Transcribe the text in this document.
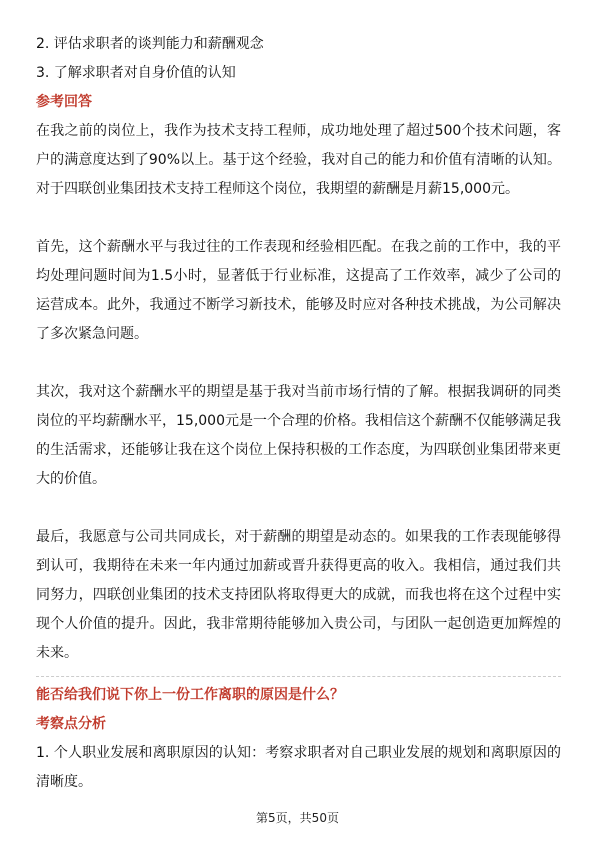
2. 评估求职者的谈判能力和薪酬观念

3. 了解求职者对自身价值的认知

参考回答

在我之前的岗位上，我作为技术支持工程师，成功地处理了超过500个技术问题，客户的满意度达到了90%以上。基于这个经验，我对自己的能力和价值有清晰的认知。对于四联创业集团技术支持工程师这个岗位，我期望的薪酬是月薪15,000元。

首先，这个薪酬水平与我过往的工作表现和经验相匹配。在我之前的工作中，我的平均处理问题时间为1.5小时，显著低于行业标准，这提高了工作效率，减少了公司的运营成本。此外，我通过不断学习新技术，能够及时应对各种技术挑战，为公司解决了多次紧急问题。

其次，我对这个薪酬水平的期望是基于我对当前市场行情的了解。根据我调研的同类岗位的平均薪酬水平，15,000元是一个合理的价格。我相信这个薪酬不仅能够满足我的生活需求，还能够让我在这个岗位上保持积极的工作态度，为四联创业集团带来更大的价值。

最后，我愿意与公司共同成长，对于薪酬的期望是动态的。如果我的工作表现能够得到认可，我期待在未来一年内通过加薪或晋升获得更高的收入。我相信，通过我们共同努力，四联创业集团的技术支持团队将取得更大的成就，而我也将在这个过程中实现个人价值的提升。因此，我非常期待能够加入贵公司，与团队一起创造更加辉煌的未来。

能否给我们说下你上一份工作离职的原因是什么？

考察点分析

1. 个人职业发展和离职原因的认知：考察求职者对自己职业发展的规划和离职原因的清晰度。

第5页，共50页
